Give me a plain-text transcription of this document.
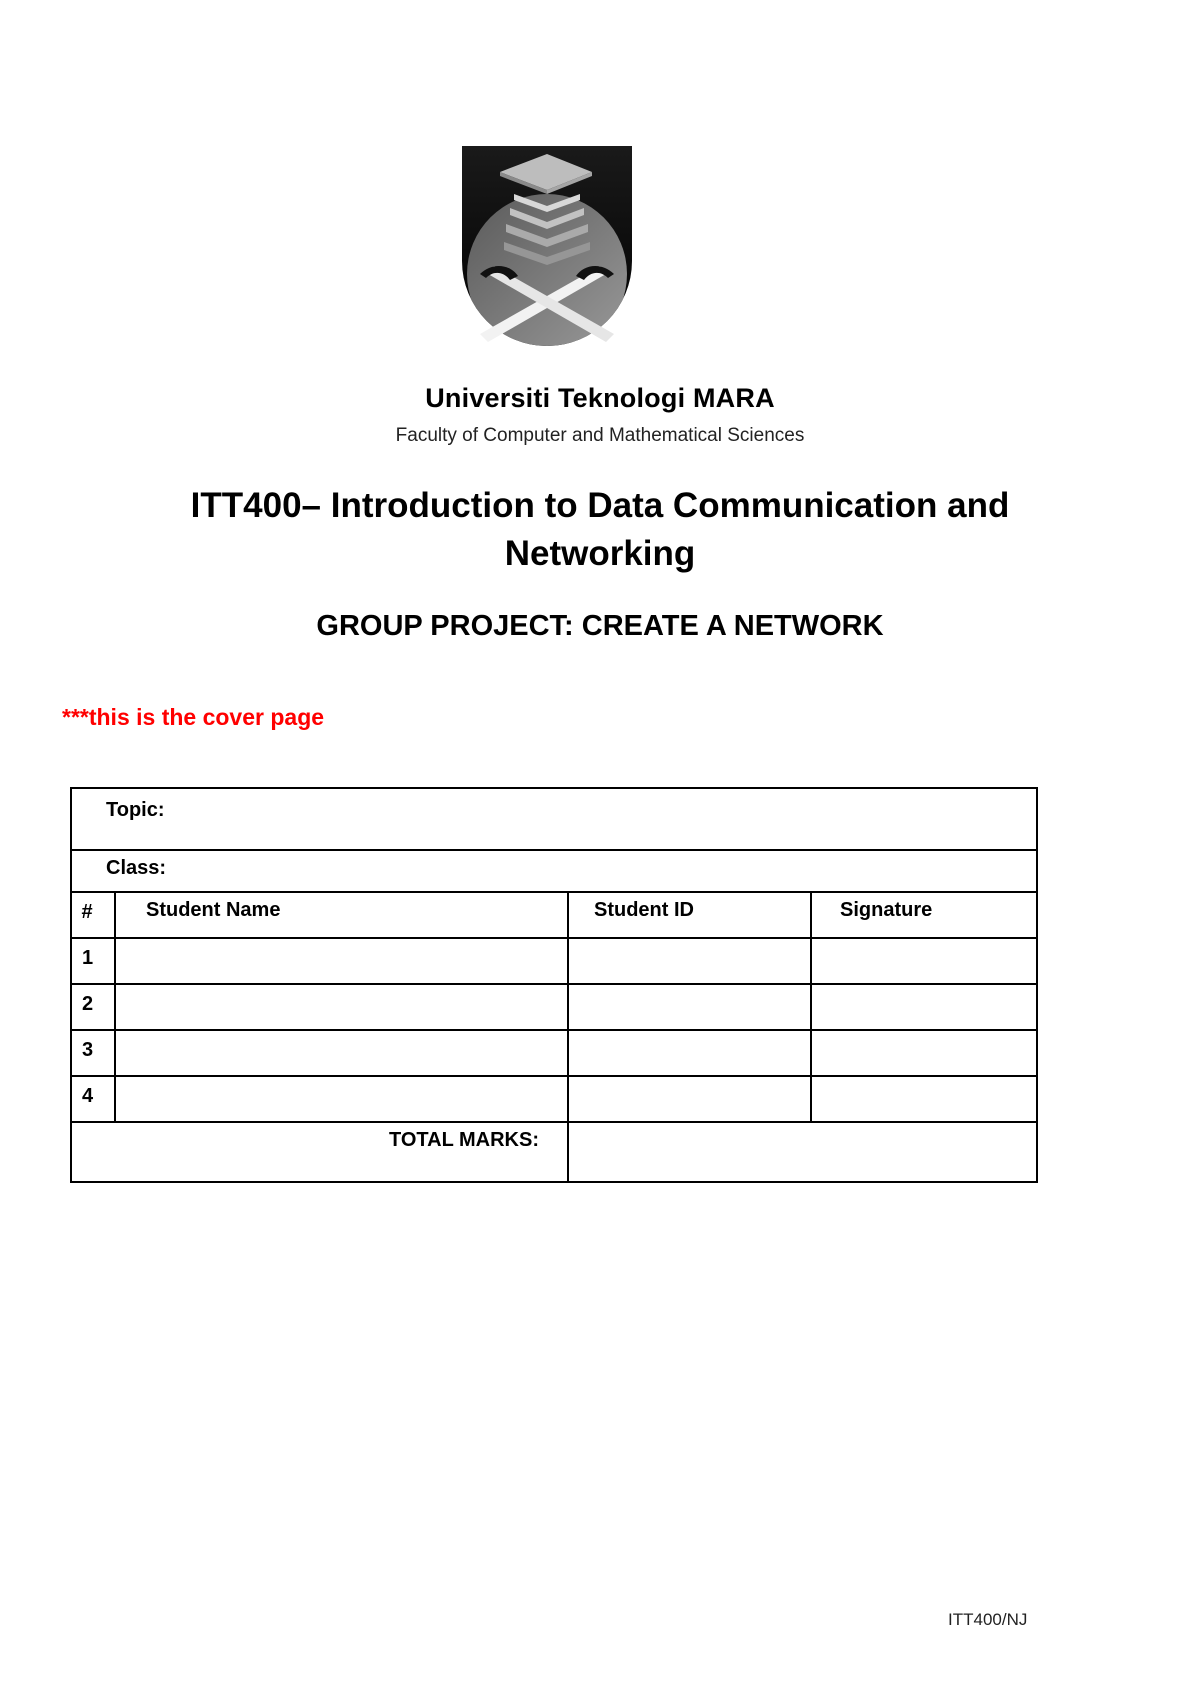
Universiti Teknologi MARA
Faculty of Computer and Mathematical Sciences
ITT400– Introduction to Data Communication and
Networking
GROUP PROJECT: CREATE A NETWORK
***this is the cover page
Topic:			
Class:			
#	Student Name	Student ID	Signature
1			
2			
3			
4			
TOTAL MARKS:			
ITT400/NJ
